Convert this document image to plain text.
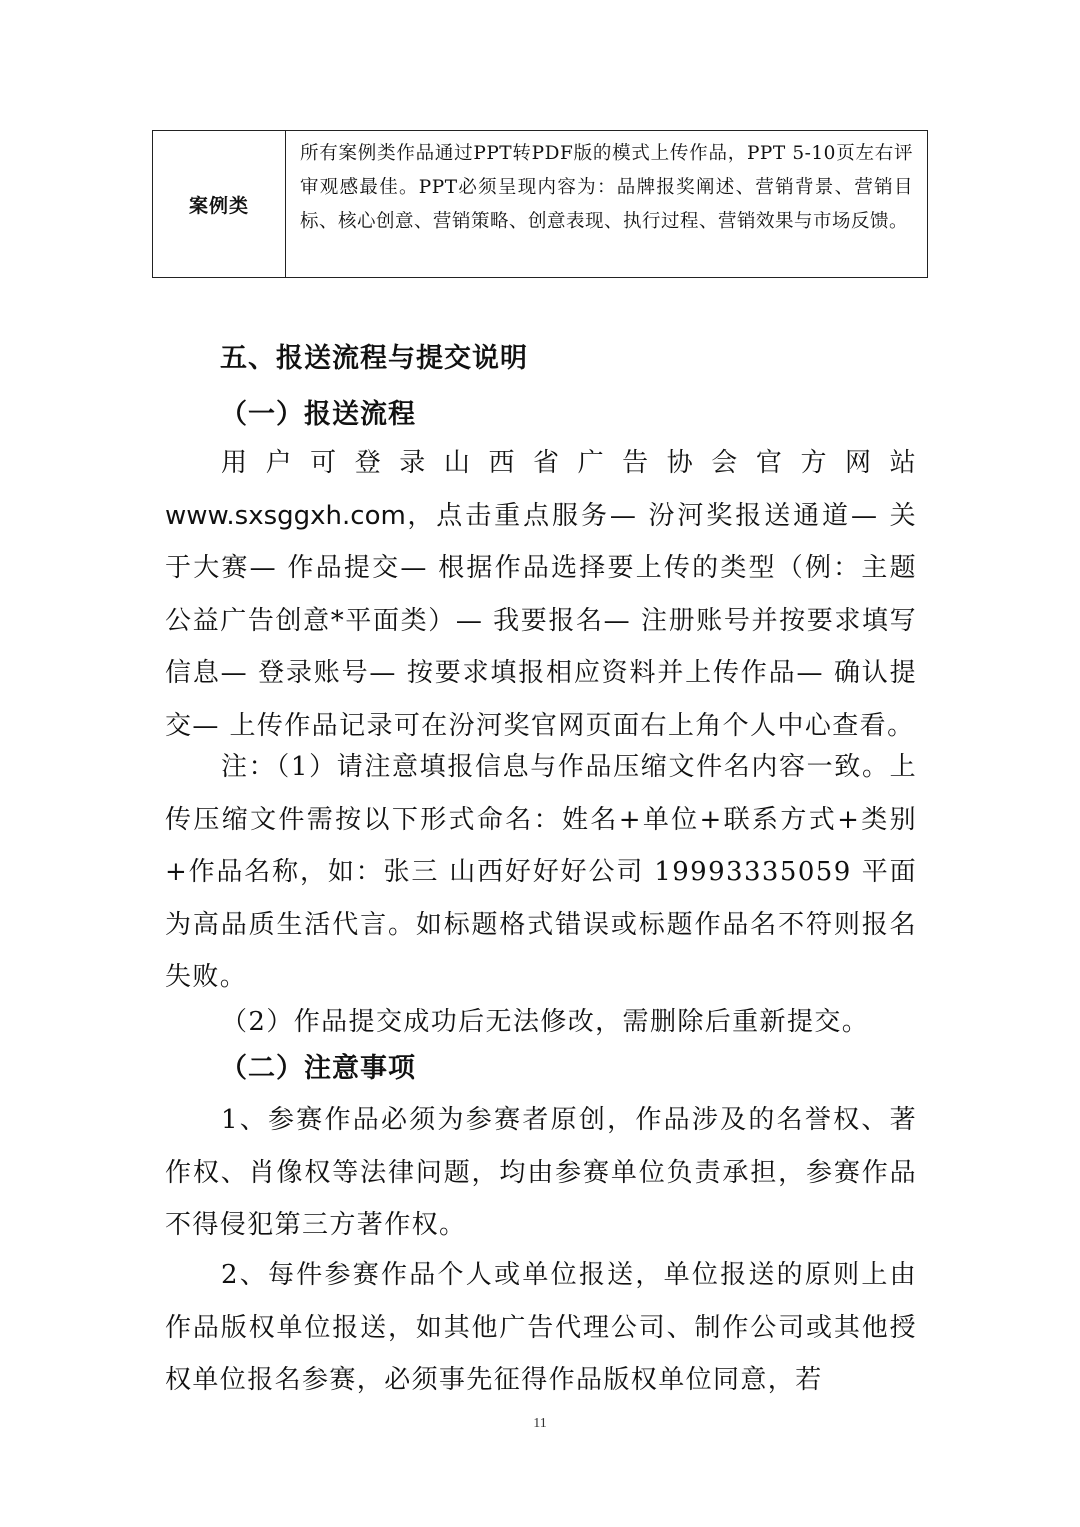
案例类
所有案例类作品通过PPT转PDF版的模式上传作品，PPT 5-10页左右评审观感最佳。PPT必须呈现内容为：品牌报奖阐述、营销背景、营销目标、核心创意、营销策略、创意表现、执行过程、营销效果与市场反馈。
五、报送流程与提交说明
（一）报送流程
用户可登录山西省广告协会官方网站www.sxsggxh.com，点击重点服务— 汾河奖报送通道— 关于大赛— 作品提交— 根据作品选择要上传的类型（例：主题公益广告创意*平面类）— 我要报名— 注册账号并按要求填写信息— 登录账号— 按要求填报相应资料并上传作品— 确认提交— 上传作品记录可在汾河奖官网页面右上角个人中心查看。
注：（1）请注意填报信息与作品压缩文件名内容一致。上传压缩文件需按以下形式命名：姓名+单位+联系方式+类别+作品名称，如：张三 山西好好好公司 19993335059 平面 为高品质生活代言。如标题格式错误或标题作品名不符则报名失败。
（2）作品提交成功后无法修改，需删除后重新提交。
（二）注意事项
1、参赛作品必须为参赛者原创，作品涉及的名誉权、著作权、肖像权等法律问题，均由参赛单位负责承担，参赛作品不得侵犯第三方著作权。
2、每件参赛作品个人或单位报送，单位报送的原则上由作品版权单位报送，如其他广告代理公司、制作公司或其他授权单位报名参赛，必须事先征得作品版权单位同意，若
11
